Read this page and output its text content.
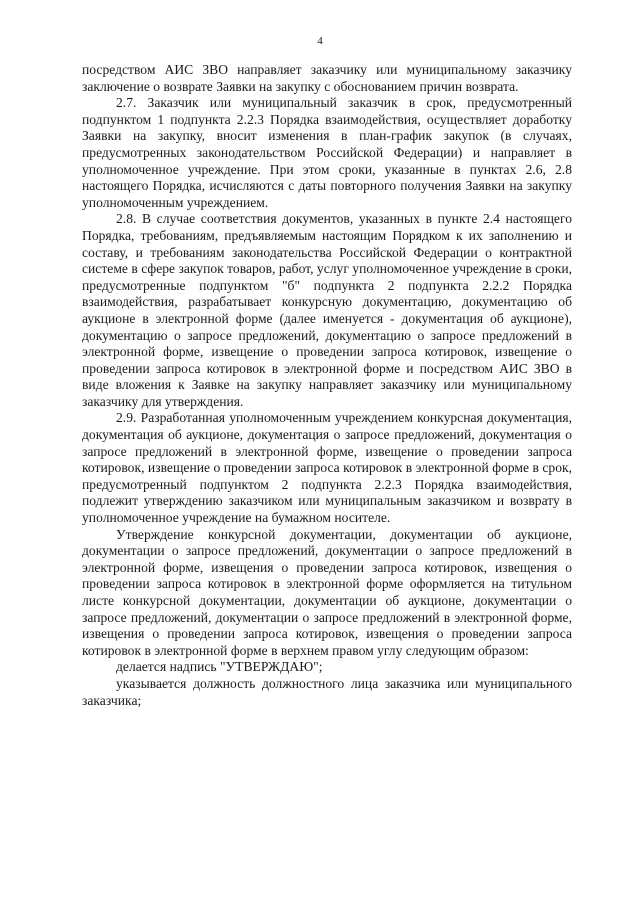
4

посредством АИС ЗВО направляет заказчику или муниципальному заказчику заключение о возврате Заявки на закупку с обоснованием причин возврата.

2.7. Заказчик или муниципальный заказчик в срок, предусмотренный подпунктом 1 подпункта 2.2.3 Порядка взаимодействия, осуществляет доработку Заявки на закупку, вносит изменения в план-график закупок (в случаях, предусмотренных законодательством Российской Федерации) и направляет в уполномоченное учреждение. При этом сроки, указанные в пунктах 2.6, 2.8 настоящего Порядка, исчисляются с даты повторного получения Заявки на закупку уполномоченным учреждением.

2.8. В случае соответствия документов, указанных в пункте 2.4 настоящего Порядка, требованиям, предъявляемым настоящим Порядком к их заполнению и составу, и требованиям законодательства Российской Федерации о контрактной системе в сфере закупок товаров, работ, услуг уполномоченное учреждение в сроки, предусмотренные подпунктом "б" подпункта 2 подпункта 2.2.2 Порядка взаимодействия, разрабатывает конкурсную документацию, документацию об аукционе в электронной форме (далее именуется - документация об аукционе), документацию о запросе предложений, документацию о запросе предложений в электронной форме, извещение о проведении запроса котировок, извещение о проведении запроса котировок в электронной форме и посредством АИС ЗВО в виде вложения к Заявке на закупку направляет заказчику или муниципальному заказчику для утверждения.

2.9. Разработанная уполномоченным учреждением конкурсная документация, документация об аукционе, документация о запросе предложений, документация о запросе предложений в электронной форме, извещение о проведении запроса котировок, извещение о проведении запроса котировок в электронной форме в срок, предусмотренный подпунктом 2 подпункта 2.2.3 Порядка взаимодействия, подлежит утверждению заказчиком или муниципальным заказчиком и возврату в уполномоченное учреждение на бумажном носителе.

Утверждение конкурсной документации, документации об аукционе, документации о запросе предложений, документации о запросе предложений в электронной форме, извещения о проведении запроса котировок, извещения о проведении запроса котировок в электронной форме оформляется на титульном листе конкурсной документации, документации об аукционе, документации о запросе предложений, документации о запросе предложений в электронной форме, извещения о проведении запроса котировок, извещения о проведении запроса котировок в электронной форме в верхнем правом углу следующим образом:

делается надпись "УТВЕРЖДАЮ";

указывается должность должностного лица заказчика или муниципального заказчика;
